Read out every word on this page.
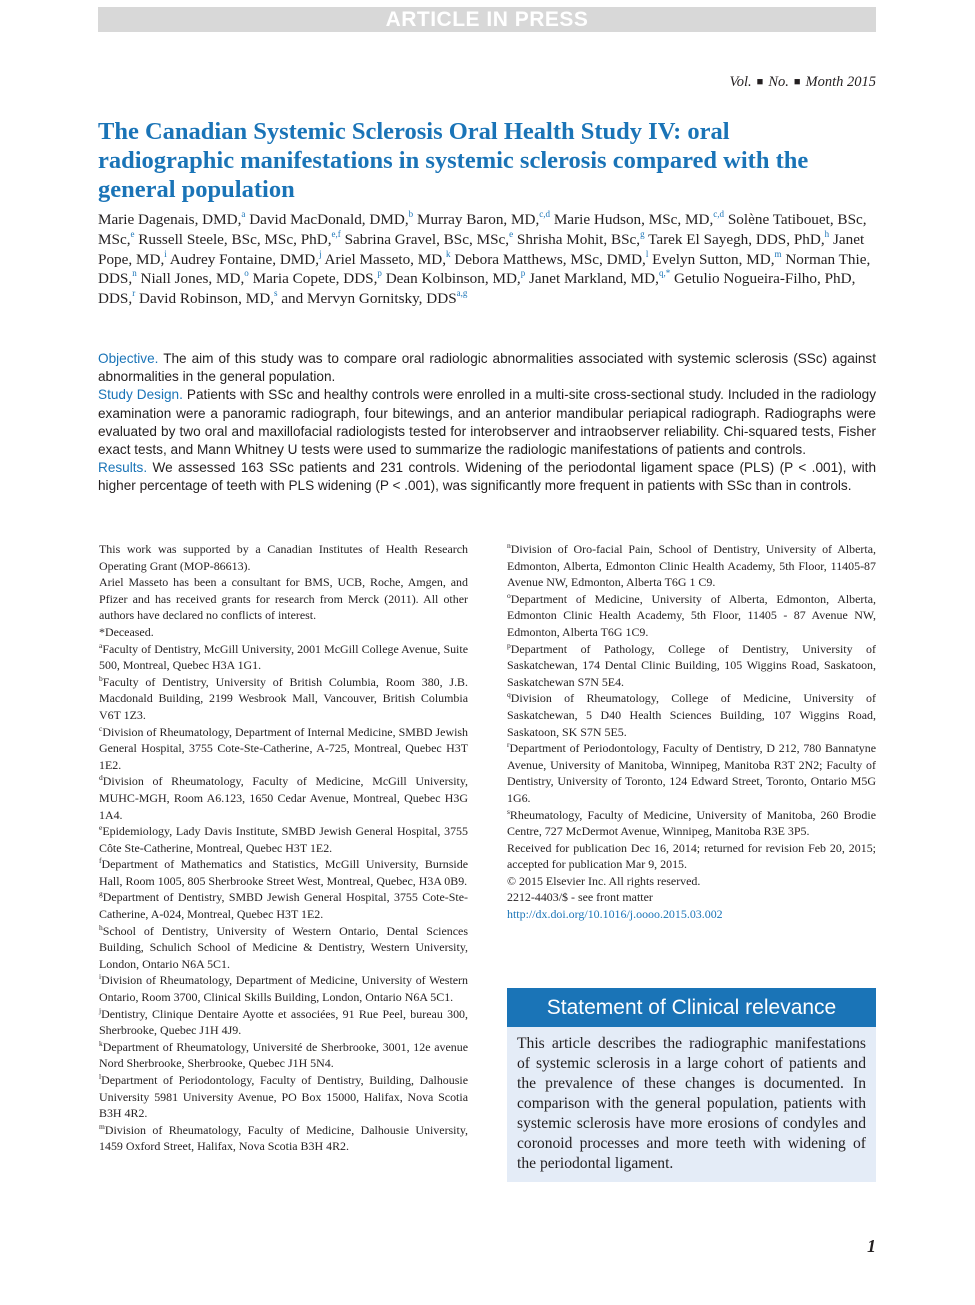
ARTICLE IN PRESS
Vol. ■ No. ■ Month 2015
The Canadian Systemic Sclerosis Oral Health Study IV: oral radiographic manifestations in systemic sclerosis compared with the general population
Marie Dagenais, DMD,$^a$ David MacDonald, DMD,$^b$ Murray Baron, MD,$^{c,d}$ Marie Hudson, MSc, MD,$^{c,d}$ Solène Tatibouet, BSc, MSc,$^e$ Russell Steele, BSc, MSc, PhD,$^{e,f}$ Sabrina Gravel, BSc, MSc,$^e$ Shrisha Mohit, BSc,$^g$ Tarek El Sayegh, DDS, PhD,$^h$ Janet Pope, MD,$^i$ Audrey Fontaine, DMD,$^j$ Ariel Masseto, MD,$^k$ Debora Matthews, MSc, DMD,$^l$ Evelyn Sutton, MD,$^m$ Norman Thie, DDS,$^n$ Niall Jones, MD,$^o$ Maria Copete, DDS,$^p$ Dean Kolbinson, MD,$^p$ Janet Markland, MD,$^{q,*}$ Getulio Nogueira-Filho, PhD, DDS,$^r$ David Robinson, MD,$^s$ and Mervyn Gornitsky, DDS$^{a,g}$

Objective. The aim of this study was to compare oral radiologic abnormalities associated with systemic sclerosis (SSc) against abnormalities in the general population.

Study Design. Patients with SSc and healthy controls were enrolled in a multi-site cross-sectional study. Included in the radiology examination were a panoramic radiograph, four bitewings, and an anterior mandibular periapical radiograph. Radiographs were evaluated by two oral and maxillofacial radiologists tested for interobserver and intraobserver reliability. Chi-squared tests, Fisher exact tests, and Mann Whitney U tests were used to summarize the radiologic manifestations of patients and controls.

Results. We assessed 163 SSc patients and 231 controls. Widening of the periodontal ligament space (PLS) (P < .001), with higher percentage of teeth with PLS widening (P < .001), was significantly more frequent in patients with SSc than in controls.

This work was supported by a Canadian Institutes of Health Research Operating Grant (MOP-86613).

Ariel Masseto has been a consultant for BMS, UCB, Roche, Amgen, and Pfizer and has received grants for research from Merck (2011). All other authors have declared no conflicts of interest.

*Deceased.

$^a$Faculty of Dentistry, McGill University, 2001 McGill College Avenue, Suite 500, Montreal, Quebec H3A 1G1.

$^b$Faculty of Dentistry, University of British Columbia, Room 380, J.B. Macdonald Building, 2199 Wesbrook Mall, Vancouver, British Columbia V6T 1Z3.

$^c$Division of Rheumatology, Department of Internal Medicine, SMBD Jewish General Hospital, 3755 Cote-Ste-Catherine, A-725, Montreal, Quebec H3T 1E2.

$^d$Division of Rheumatology, Faculty of Medicine, McGill University, MUHC-MGH, Room A6.123, 1650 Cedar Avenue, Montreal, Quebec H3G 1A4.

$^e$Epidemiology, Lady Davis Institute, SMBD Jewish General Hospital, 3755 Côte Ste-Catherine, Montreal, Quebec H3T 1E2.

$^f$Department of Mathematics and Statistics, McGill University, Burnside Hall, Room 1005, 805 Sherbrooke Street West, Montreal, Quebec, H3A 0B9.

$^g$Department of Dentistry, SMBD Jewish General Hospital, 3755 Cote-Ste-Catherine, A-024, Montreal, Quebec H3T 1E2.

$^h$School of Dentistry, University of Western Ontario, Dental Sciences Building, Schulich School of Medicine & Dentistry, Western University, London, Ontario N6A 5C1.

$^i$Division of Rheumatology, Department of Medicine, University of Western Ontario, Room 3700, Clinical Skills Building, London, Ontario N6A 5C1.

$^j$Dentistry, Clinique Dentaire Ayotte et associées, 91 Rue Peel, bureau 300, Sherbrooke, Quebec J1H 4J9.

$^k$Department of Rheumatology, Université de Sherbrooke, 3001, 12e avenue Nord Sherbrooke, Sherbrooke, Quebec J1H 5N4.

$^l$Department of Periodontology, Faculty of Dentistry, Building, Dalhousie University 5981 University Avenue, PO Box 15000, Halifax, Nova Scotia B3H 4R2.

$^m$Division of Rheumatology, Faculty of Medicine, Dalhousie University, 1459 Oxford Street, Halifax, Nova Scotia B3H 4R2.

$^n$Division of Oro-facial Pain, School of Dentistry, University of Alberta, Edmonton, Alberta, Edmonton Clinic Health Academy, 5th Floor, 11405-87 Avenue NW, Edmonton, Alberta T6G 1 C9.

$^o$Department of Medicine, University of Alberta, Edmonton, Alberta, Edmonton Clinic Health Academy, 5th Floor, 11405 - 87 Avenue NW, Edmonton, Alberta T6G 1C9.

$^p$Department of Pathology, College of Dentistry, University of Saskatchewan, 174 Dental Clinic Building, 105 Wiggins Road, Saskatoon, Saskatchewan S7N 5E4.

$^q$Division of Rheumatology, College of Medicine, University of Saskatchewan, 5 D40 Health Sciences Building, 107 Wiggins Road, Saskatoon, SK S7N 5E5.

$^r$Department of Periodontology, Faculty of Dentistry, D 212, 780 Bannatyne Avenue, University of Manitoba, Winnipeg, Manitoba R3T 2N2; Faculty of Dentistry, University of Toronto, 124 Edward Street, Toronto, Ontario M5G 1G6.

$^s$Rheumatology, Faculty of Medicine, University of Manitoba, 260 Brodie Centre, 727 McDermot Avenue, Winnipeg, Manitoba R3E 3P5.

Received for publication Dec 16, 2014; returned for revision Feb 20, 2015; accepted for publication Mar 9, 2015.

© 2015 Elsevier Inc. All rights reserved.

2212-4403/$ - see front matter

http://dx.doi.org/10.1016/j.oooo.2015.03.002

Statement of Clinical relevance
This article describes the radiographic manifestations of systemic sclerosis in a large cohort of patients and the prevalence of these changes is documented. In comparison with the general population, patients with systemic sclerosis have more erosions of condyles and coronoid processes and more teeth with widening of the periodontal ligament.
1
